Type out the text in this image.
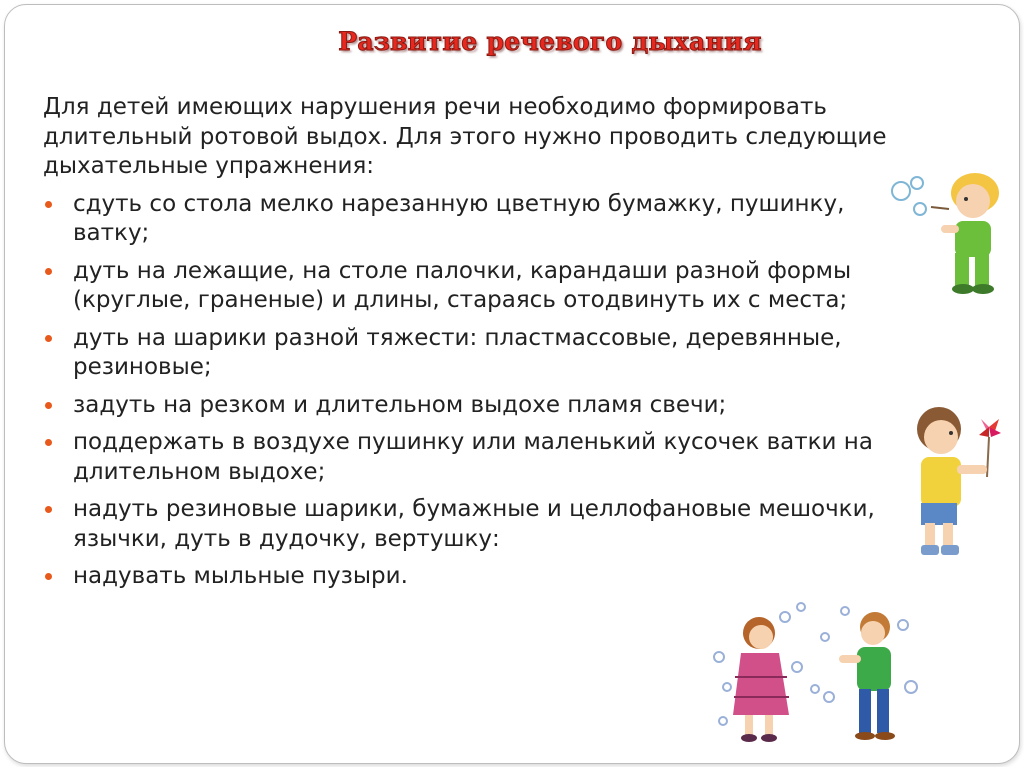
Развитие речевого дыхания
Для детей имеющих нарушения речи необходимо формировать длительный ротовой выдох. Для этого нужно проводить следующие дыхательные упражнения:
сдуть со стола мелко нарезанную цветную бумажку, пушинку, ватку;
дуть на лежащие, на столе палочки, карандаши разной формы (круглые, граненые) и длины, стараясь отодвинуть их с места;
дуть на шарики разной тяжести: пластмассовые, деревянные, резиновые;
задуть на резком и длительном выдохе пламя свечи;
поддержать в воздухе пушинку или маленький кусочек ватки на длительном выдохе;
надуть резиновые шарики, бумажные и целлофановые мешочки, язычки, дуть в дудочку, вертушку:
надувать мыльные пузыри.
